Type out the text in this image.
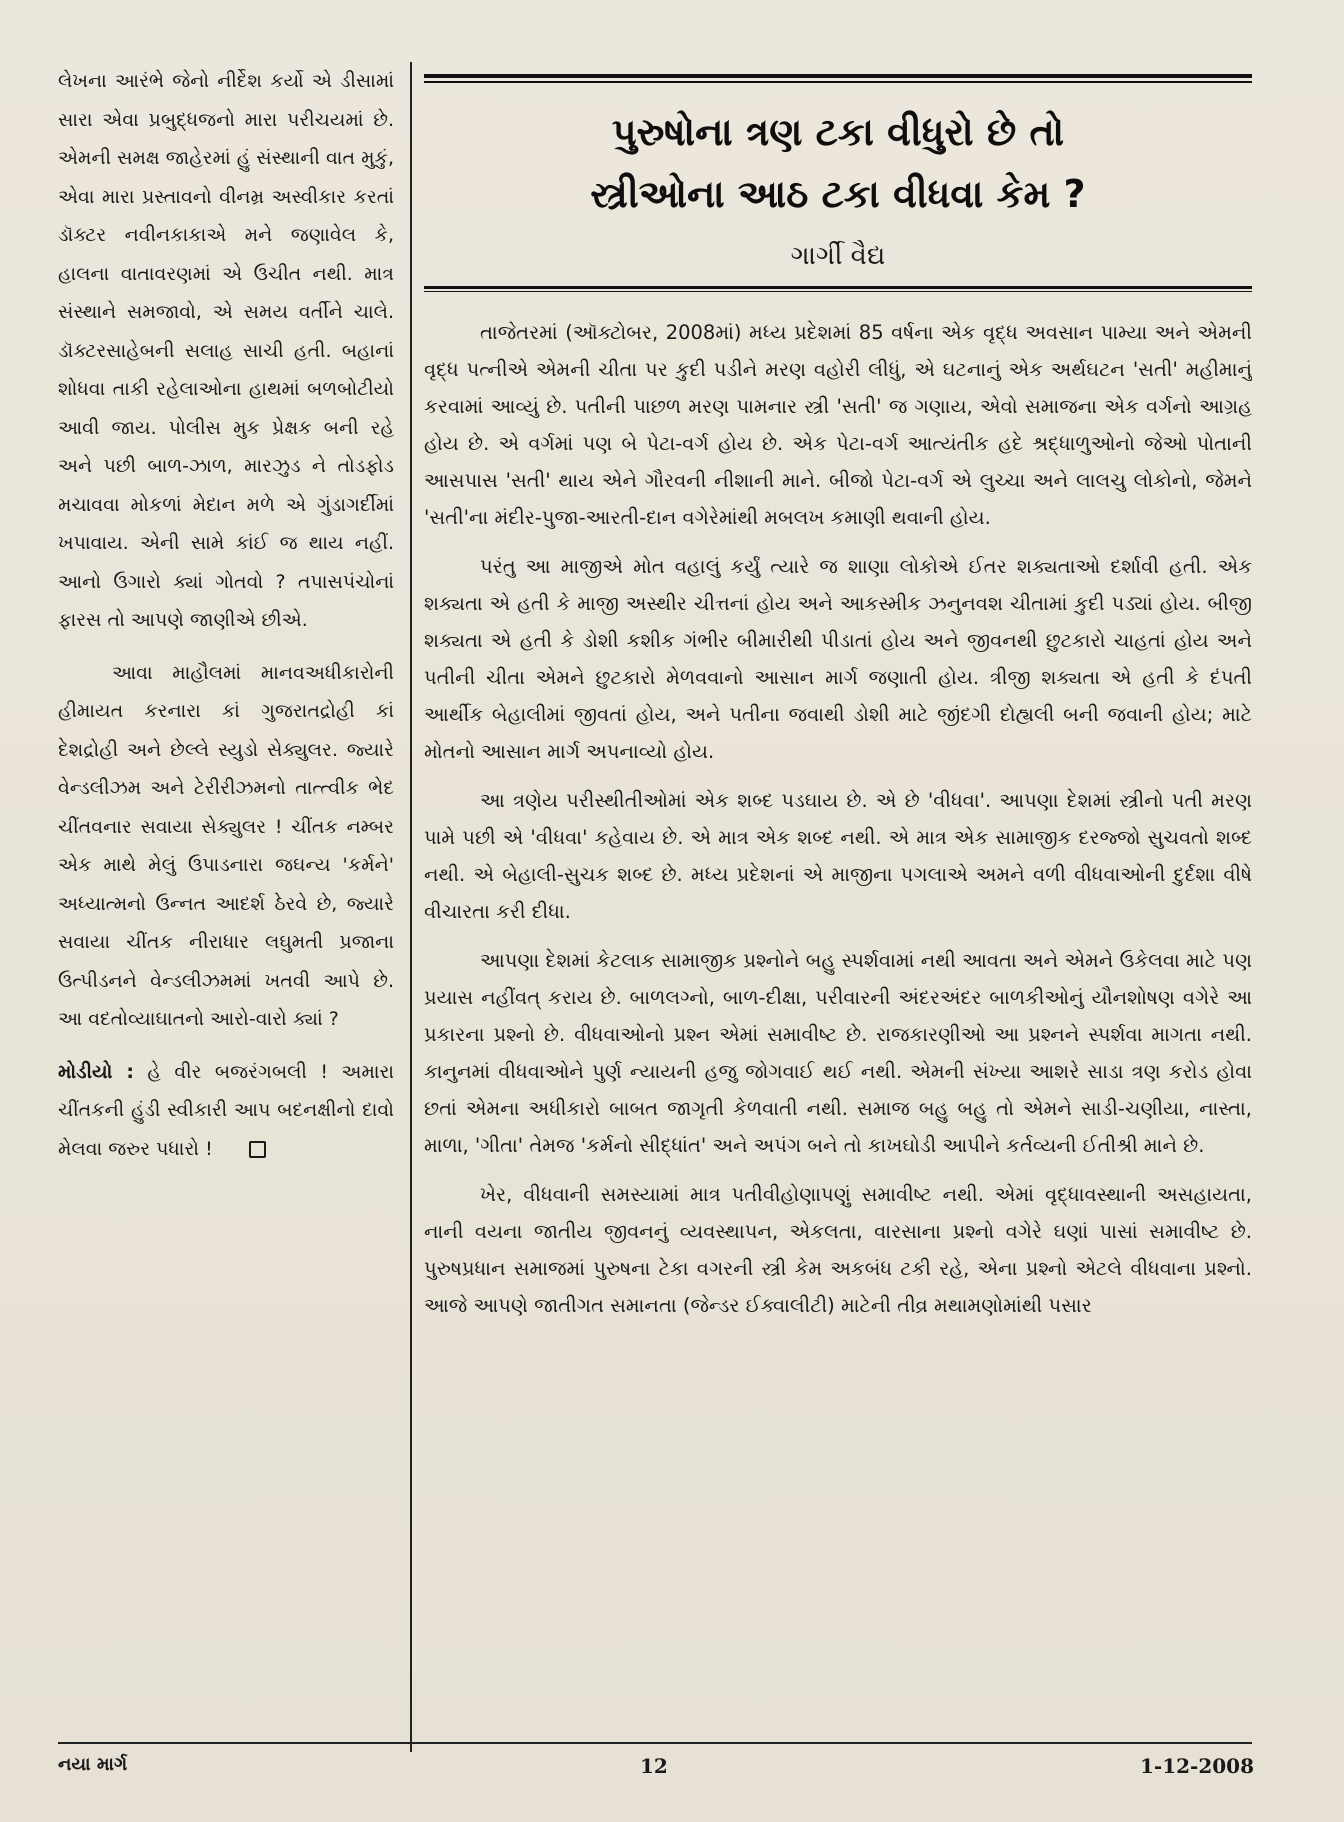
લેખના આરંભે જેનો નીર્દેશ કર્યો એ ડીસામાં સારા એવા પ્રબુદ્ધજનો મારા પરીચયમાં છે. એમની સમક્ષ જાહેરમાં હું સંસ્થાની વાત મુકું, એવા મારા પ્રસ્તાવનો વીનમ્ર અસ્વીકાર કરતાં ડૉક્ટર નવીનકાકાએ મને જણાવેલ કે, હાલના વાતાવરણમાં એ ઉચીત નથી. માત્ર સંસ્થાને સમજાવો, એ સમય વર્તીને ચાલે. ડૉક્ટરસાહેબની સલાહ સાચી હતી. બહાનાં શોધવા તાકી રહેલાઓના હાથમાં બળબોટીયો આવી જાય. પોલીસ મુક પ્રેક્ષક બની રહે અને પછી બાળ-ઝાળ, મારઝુડ ને તોડફોડ મચાવવા મોકળાં મેદાન મળે એ ગુંડાગર્દીમાં ખપાવાય. એની સામે કાંઈ જ થાય નહીં. આનો ઉગારો ક્યાં ગોતવો ? તપાસપંચોનાં ફારસ તો આપણે જાણીએ છીએ.

આવા માહૌલમાં માનવઅધીકારોની હીમાયત કરનારા કાં ગુજરાતદ્રોહી કાં દેશદ્રોહી અને છેલ્લે સ્યુડો સેક્યુલર. જ્યારે વેન્ડલીઝમ અને ટેરીરીઝમનો તાત્ત્વીક ભેદ ચીંતવનાર સવાયા સેક્યુલર ! ચીંતક નમ્બર એક માથે મેલું ઉપાડનારા જઘન્ય 'કર્મને' અધ્યાત્મનો ઉન્નત આદર્શ ઠેરવે છે, જ્યારે સવાયા ચીંતક નીરાધાર લઘુમતી પ્રજાના ઉત્પીડનને વેન્ડલીઝમમાં ખતવી આપે છે. આ વદતોવ્યાઘાતનો આરો-વારો ક્યાં ?

મોડીયો : હે વીર બજરંગબલી ! અમારા ચીંતકની હુંડી સ્વીકારી આપ બદનક્ષીનો દાવો મેલવા જરુર પધારો !

પુરુષોના ત્રણ ટકા વીધુરો છે તો
સ્ત્રીઓના આઠ ટકા વીધવા કેમ ?
ગાર્ગી વૈદ્ય

તાજેતરમાં (ઑક્ટોબર, 2008માં) મધ્ય પ્રદેશમાં 85 વર્ષના એક વૃદ્ધ અવસાન પામ્યા અને એમની વૃદ્ધ પત્નીએ એમની ચીતા પર કુદી પડીને મરણ વહોરી લીધું, એ ઘટનાનું એક અર્થઘટન 'સતી' મહીમાનું કરવામાં આવ્યું છે. પતીની પાછળ મરણ પામનાર સ્ત્રી 'સતી' જ ગણાય, એવો સમાજના એક વર્ગનો આગ્રહ હોય છે. એ વર્ગમાં પણ બે પેટા-વર્ગ હોય છે. એક પેટા-વર્ગ આત્યંતીક હદે શ્રદ્ધાળુઓનો જેઓ પોતાની આસપાસ 'સતી' થાય એને ગૌરવની નીશાની માને. બીજો પેટા-વર્ગ એ લુચ્ચા અને લાલચુ લોકોનો, જેમને 'સતી'ના મંદીર-પુજા-આરતી-દાન વગેરેમાંથી મબલખ કમાણી થવાની હોય.

પરંતુ આ માજીએ મોત વહાલું કર્યું ત્યારે જ શાણા લોકોએ ઈતર શક્યતાઓ દર્શાવી હતી. એક શક્યતા એ હતી કે માજી અસ્થીર ચીત્તનાં હોય અને આકસ્મીક ઝનુનવશ ચીતામાં કુદી પડ્યાં હોય. બીજી શક્યતા એ હતી કે ડોશી કશીક ગંભીર બીમારીથી પીડાતાં હોય અને જીવનથી છુટકારો ચાહતાં હોય અને પતીની ચીતા એમને છુટકારો મેળવવાનો આસાન માર્ગ જણાતી હોય. ત્રીજી શક્યતા એ હતી કે દંપતી આર્થીક બેહાલીમાં જીવતાં હોય, અને પતીના જવાથી ડોશી માટે જીંદગી દોહ્યલી બની જવાની હોય; માટે મોતનો આસાન માર્ગ અપનાવ્યો હોય.

આ ત્રણેય પરીસ્થીતીઓમાં એક શબ્દ પડઘાય છે. એ છે 'વીધવા'. આપણા દેશમાં સ્ત્રીનો પતી મરણ પામે પછી એ 'વીધવા' કહેવાય છે. એ માત્ર એક શબ્દ નથી. એ માત્ર એક સામાજીક દરજ્જો સુચવતો શબ્દ નથી. એ બેહાલી-સુચક શબ્દ છે. મધ્ય પ્રદેશનાં એ માજીના પગલાએ અમને વળી વીધવાઓની દુર્દશા વીષે વીચારતા કરી દીધા.

આપણા દેશમાં કેટલાક સામાજીક પ્રશ્નોને બહુ સ્પર્શવામાં નથી આવતા અને એમને ઉકેલવા માટે પણ પ્રયાસ નહીંવત્ કરાય છે. બાળલગ્નો, બાળ-દીક્ષા, પરીવારની અંદરઅંદર બાળકીઓનું યૌનશોષણ વગેરે આ પ્રકારના પ્રશ્નો છે. વીધવાઓનો પ્રશ્ન એમાં સમાવીષ્ટ છે. રાજકારણીઓ આ પ્રશ્નને સ્પર્શવા માગતા નથી. કાનુનમાં વીધવાઓને પુર્ણ ન્યાયની હજુ જોગવાઈ થઈ નથી. એમની સંખ્યા આશરે સાડા ત્રણ કરોડ હોવા છતાં એમના અધીકારો બાબત જાગૃતી કેળવાતી નથી. સમાજ બહુ બહુ તો એમને સાડી-ચણીયા, નાસ્તા, માળા, 'ગીતા' તેમજ 'કર્મનો સીદ્ધાંત' અને અપંગ બને તો કાખઘોડી આપીને કર્તવ્યની ઈતીશ્રી માને છે.

ખેર, વીધવાની સમસ્યામાં માત્ર પતીવીહોણાપણું સમાવીષ્ટ નથી. એમાં વૃદ્ધાવસ્થાની અસહાયતા, નાની વયના જાતીય જીવનનું વ્યવસ્થાપન, એકલતા, વારસાના પ્રશ્નો વગેરે ઘણાં પાસાં સમાવીષ્ટ છે. પુરુષપ્રધાન સમાજમાં પુરુષના ટેકા વગરની સ્ત્રી કેમ અકબંધ ટકી રહે, એના પ્રશ્નો એટલે વીધવાના પ્રશ્નો. આજે આપણે જાતીગત સમાનતા (જેન્ડર ઈક્વાલીટી) માટેની તીવ્ર મથામણોમાંથી પસાર

નયા માર્ગ	12	1-12-2008
